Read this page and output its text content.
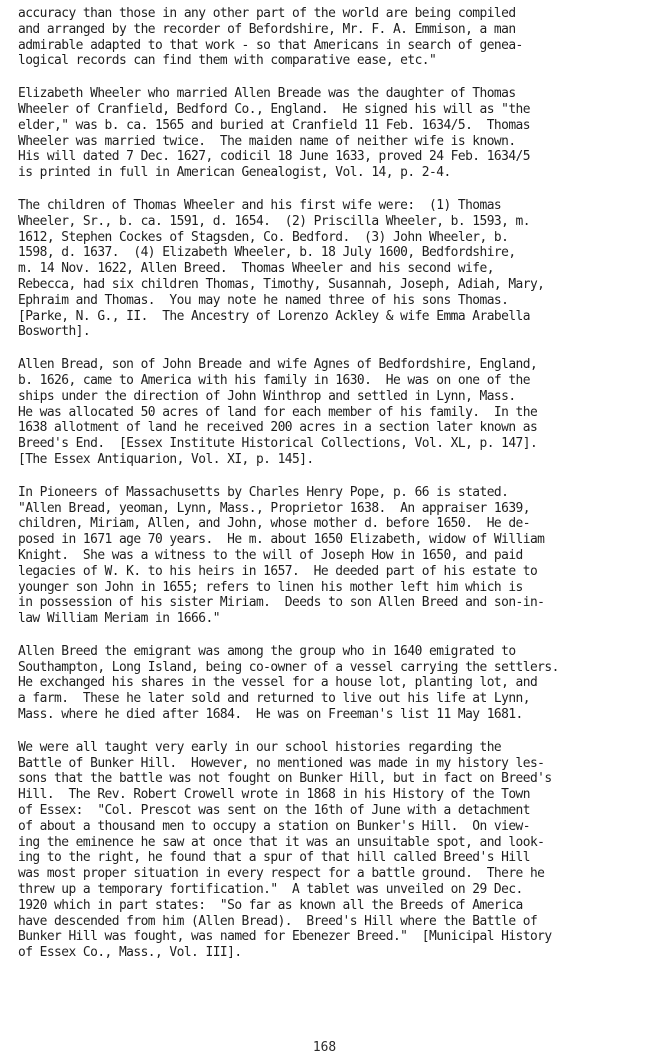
accuracy than those in any other part of the world are being compiled
and arranged by the recorder of Befordshire, Mr. F. A. Emmison, a man
admirable adapted to that work - so that Americans in search of genea-
logical records can find them with comparative ease, etc."
Elizabeth Wheeler who married Allen Breade was the daughter of Thomas
Wheeler of Cranfield, Bedford Co., England.  He signed his will as "the
elder," was b. ca. 1565 and buried at Cranfield 11 Feb. 1634/5.  Thomas
Wheeler was married twice.  The maiden name of neither wife is known.
His will dated 7 Dec. 1627, codicil 18 June 1633, proved 24 Feb. 1634/5
is printed in full in American Genealogist, Vol. 14, p. 2-4.
The children of Thomas Wheeler and his first wife were:  (1) Thomas
Wheeler, Sr., b. ca. 1591, d. 1654.  (2) Priscilla Wheeler, b. 1593, m.
1612, Stephen Cockes of Stagsden, Co. Bedford.  (3) John Wheeler, b.
1598, d. 1637.  (4) Elizabeth Wheeler, b. 18 July 1600, Bedfordshire,
m. 14 Nov. 1622, Allen Breed.  Thomas Wheeler and his second wife,
Rebecca, had six children Thomas, Timothy, Susannah, Joseph, Adiah, Mary,
Ephraim and Thomas.  You may note he named three of his sons Thomas.
[Parke, N. G., II.  The Ancestry of Lorenzo Ackley & wife Emma Arabella
Bosworth].
Allen Bread, son of John Breade and wife Agnes of Bedfordshire, England,
b. 1626, came to America with his family in 1630.  He was on one of the
ships under the direction of John Winthrop and settled in Lynn, Mass.
He was allocated 50 acres of land for each member of his family.  In the
1638 allotment of land he received 200 acres in a section later known as
Breed's End.  [Essex Institute Historical Collections, Vol. XL, p. 147].
[The Essex Antiquarion, Vol. XI, p. 145].
In Pioneers of Massachusetts by Charles Henry Pope, p. 66 is stated.
"Allen Bread, yeoman, Lynn, Mass., Proprietor 1638.  An appraiser 1639,
children, Miriam, Allen, and John, whose mother d. before 1650.  He de-
posed in 1671 age 70 years.  He m. about 1650 Elizabeth, widow of William
Knight.  She was a witness to the will of Joseph How in 1650, and paid
legacies of W. K. to his heirs in 1657.  He deeded part of his estate to
younger son John in 1655; refers to linen his mother left him which is
in possession of his sister Miriam.  Deeds to son Allen Breed and son-in-
law William Meriam in 1666."
Allen Breed the emigrant was among the group who in 1640 emigrated to
Southampton, Long Island, being co-owner of a vessel carrying the settlers.
He exchanged his shares in the vessel for a house lot, planting lot, and
a farm.  These he later sold and returned to live out his life at Lynn,
Mass. where he died after 1684.  He was on Freeman's list 11 May 1681.
We were all taught very early in our school histories regarding the
Battle of Bunker Hill.  However, no mentioned was made in my history les-
sons that the battle was not fought on Bunker Hill, but in fact on Breed's
Hill.  The Rev. Robert Crowell wrote in 1868 in his History of the Town
of Essex:  "Col. Prescot was sent on the 16th of June with a detachment
of about a thousand men to occupy a station on Bunker's Hill.  On view-
ing the eminence he saw at once that it was an unsuitable spot, and look-
ing to the right, he found that a spur of that hill called Breed's Hill
was most proper situation in every respect for a battle ground.  There he
threw up a temporary fortification."  A tablet was unveiled on 29 Dec.
1920 which in part states:  "So far as known all the Breeds of America
have descended from him (Allen Bread).  Breed's Hill where the Battle of
Bunker Hill was fought, was named for Ebenezer Breed."  [Municipal History
of Essex Co., Mass., Vol. III].
168
